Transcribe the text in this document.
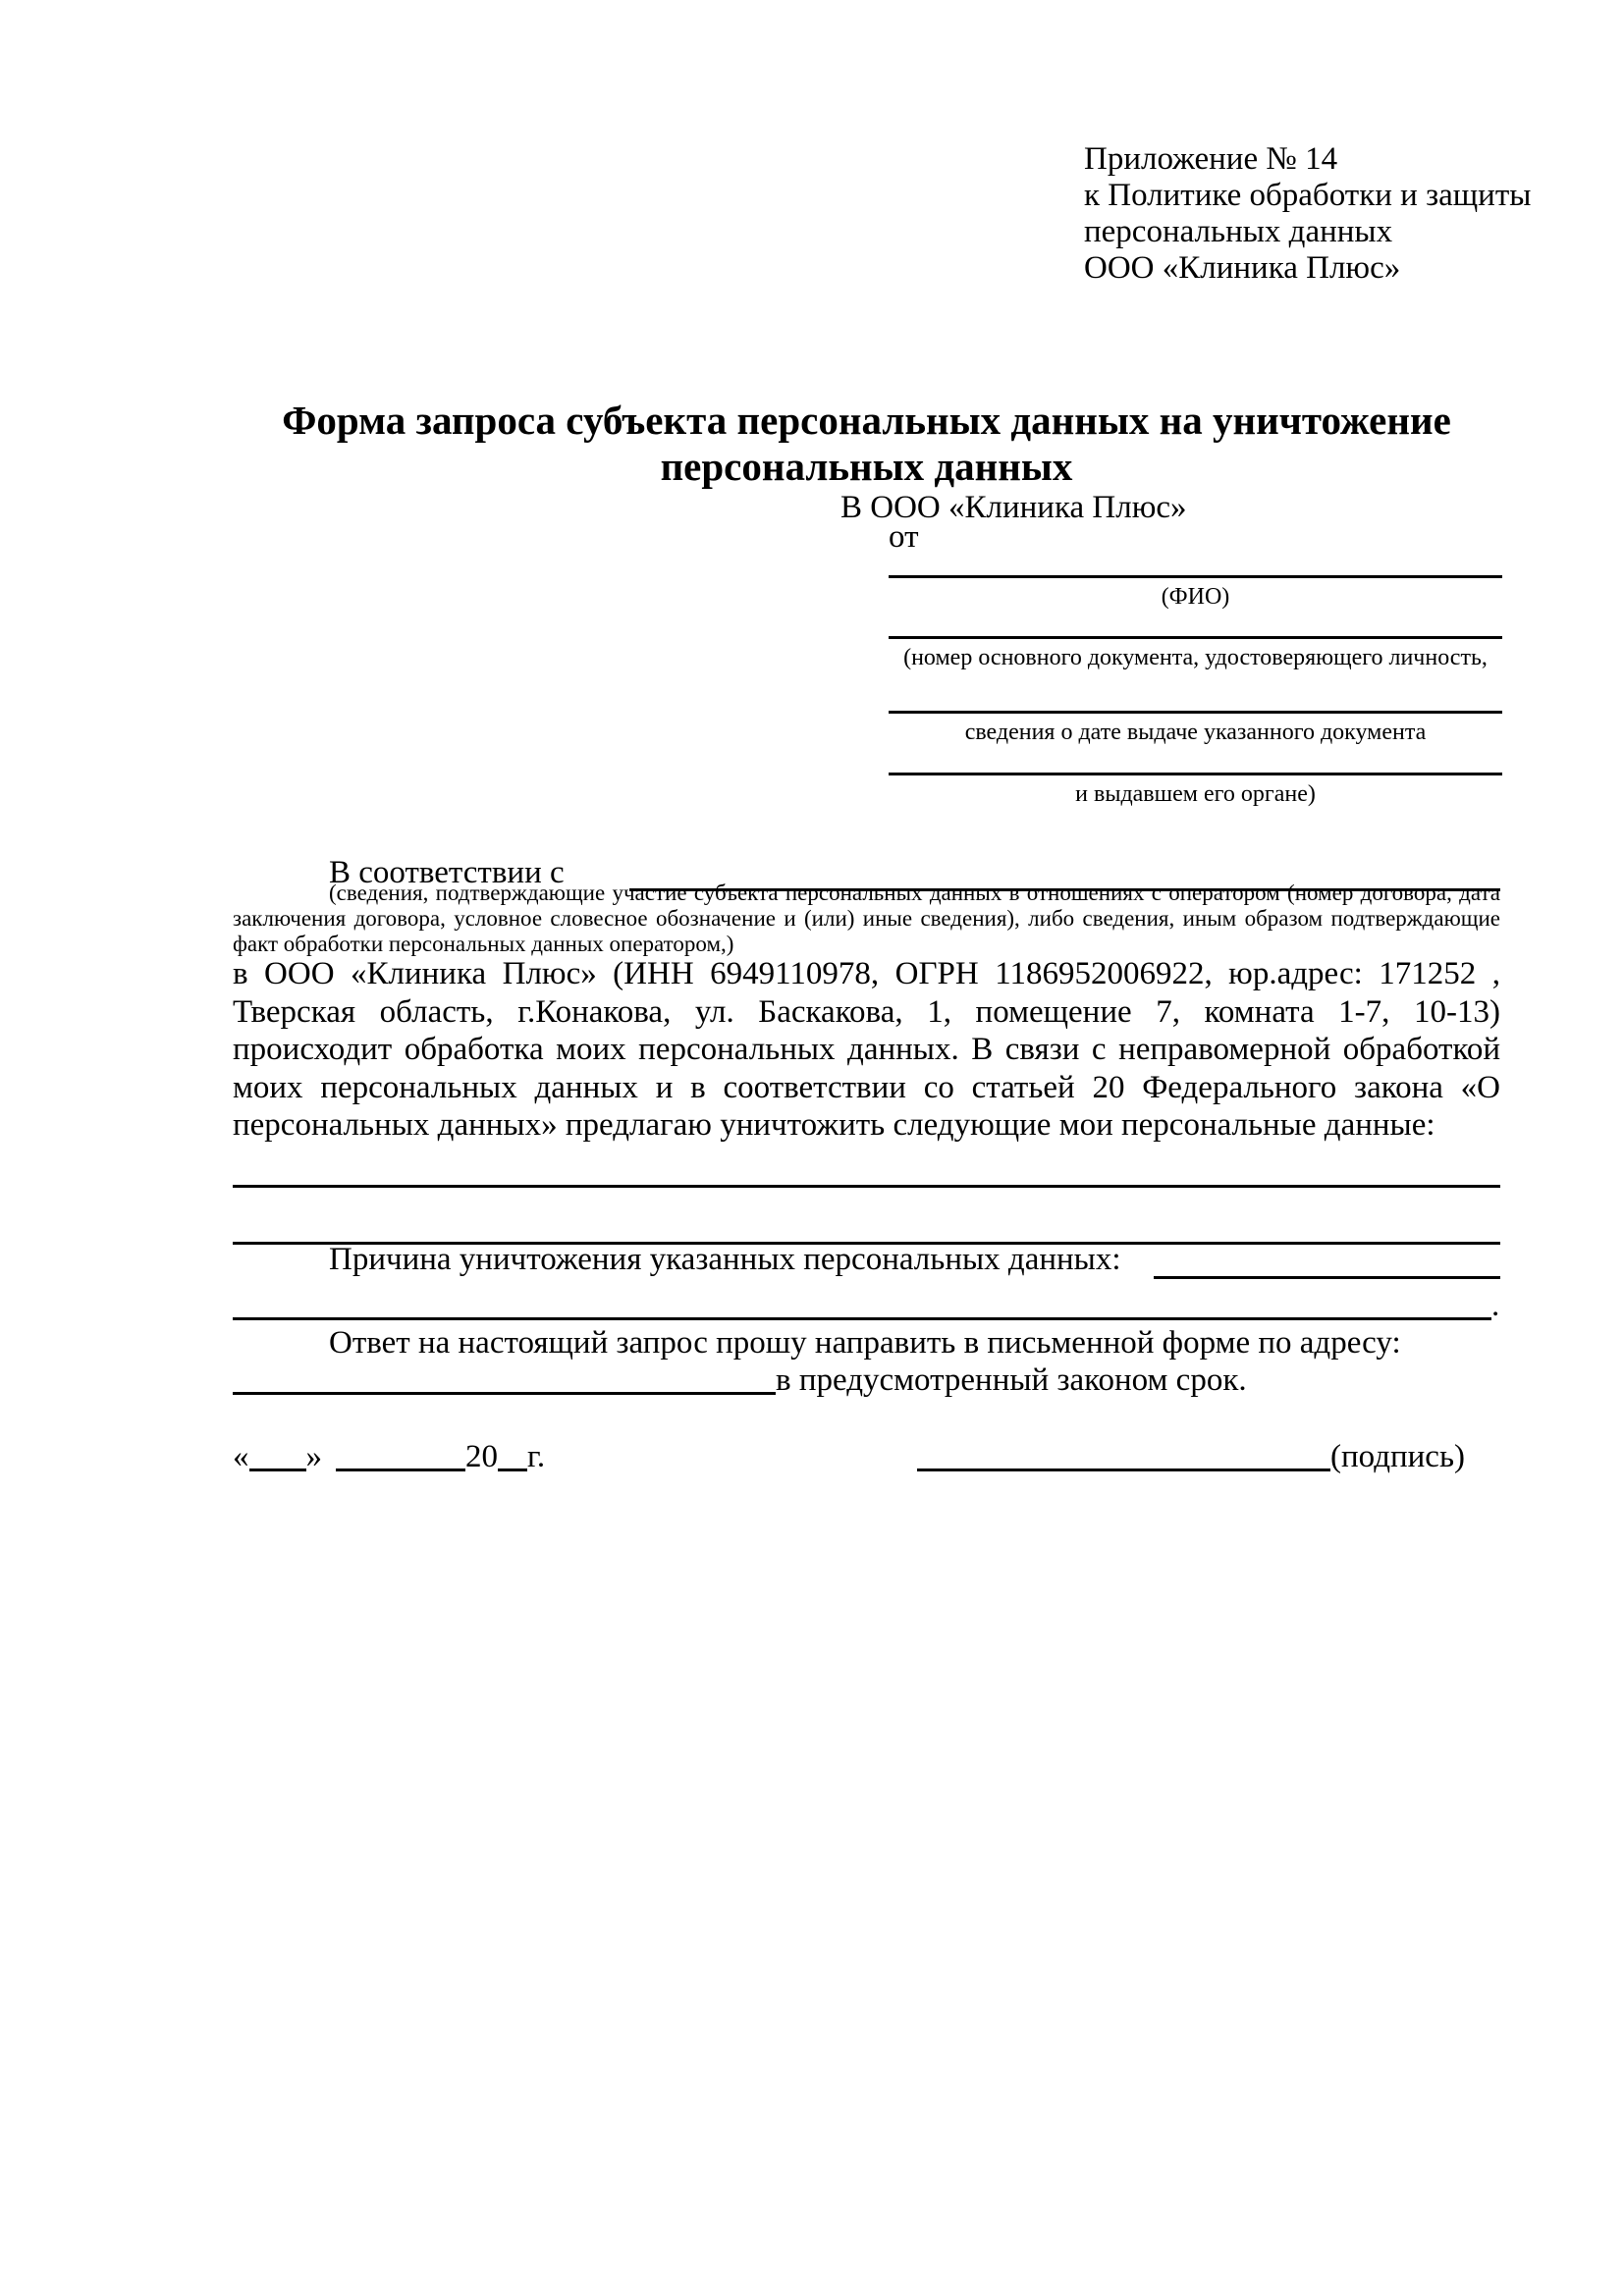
Приложение № 14
к Политике обработки и защиты
персональных данных
ООО «Клиника Плюс»
Форма запроса субъекта персональных данных на уничтожение
персональных данных
В ООО «Клиника Плюс»
от
(ФИО)
(номер основного документа, удостоверяющего личность,
сведения о дате выдаче указанного документа
и выдавшем его органе)
В соответствии с
(сведения, подтверждающие участие субъекта персональных данных в отношениях с оператором (номер договора, дата заключения договора, условное словесное обозначение и (или) иные сведения), либо сведения, иным образом подтверждающие факт обработки персональных данных оператором,)
в ООО «Клиника Плюс» (ИНН 6949110978, ОГРН 1186952006922, юр.адрес: 171252 , Тверская область, г.Конакова, ул. Баскакова, 1, помещение 7, комната 1-7, 10-13) происходит обработка моих персональных данных. В связи с неправомерной обработкой моих персональных данных и в соответствии со статьей 20 Федерального закона «О персональных данных» предлагаю уничтожить следующие мои персональные данные:
Причина уничтожения указанных персональных данных:
.
Ответ на настоящий запрос прошу направить в письменной форме по адресу:
в предусмотренный законом срок.
« »	20 г.	(подпись)
